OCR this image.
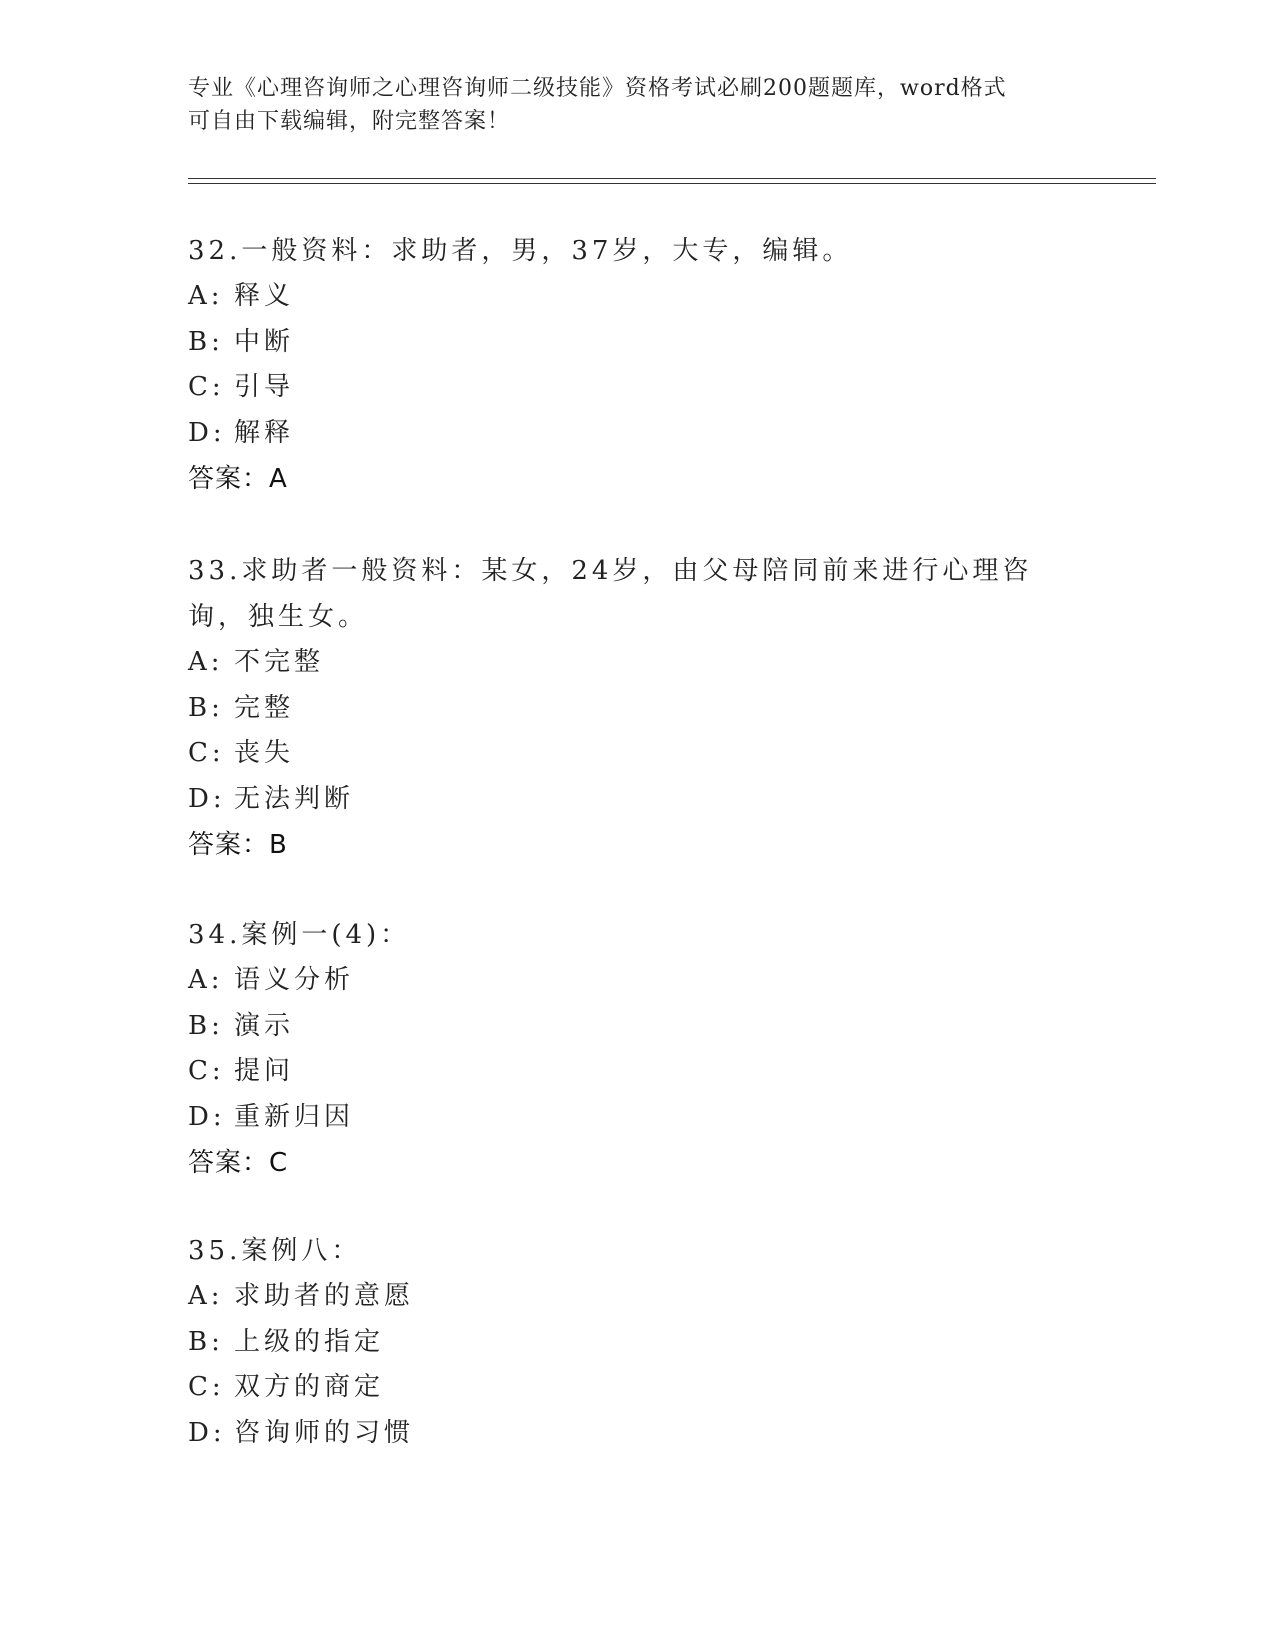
专业《心理咨询师之心理咨询师二级技能》资格考试必刷200题题库，word格式
可自由下载编辑，附完整答案！
32.一般资料：求助者，男，37岁，大专，编辑。
A: 释义
B: 中断
C: 引导
D: 解释
答案：A
33.求助者一般资料：某女，24岁，由父母陪同前来进行心理咨询，独生女。
A: 不完整
B: 完整
C: 丧失
D: 无法判断
答案：B
34.案例一(4)：
A: 语义分析
B: 演示
C: 提问
D: 重新归因
答案：C
35.案例八：
A: 求助者的意愿
B: 上级的指定
C: 双方的商定
D: 咨询师的习惯
